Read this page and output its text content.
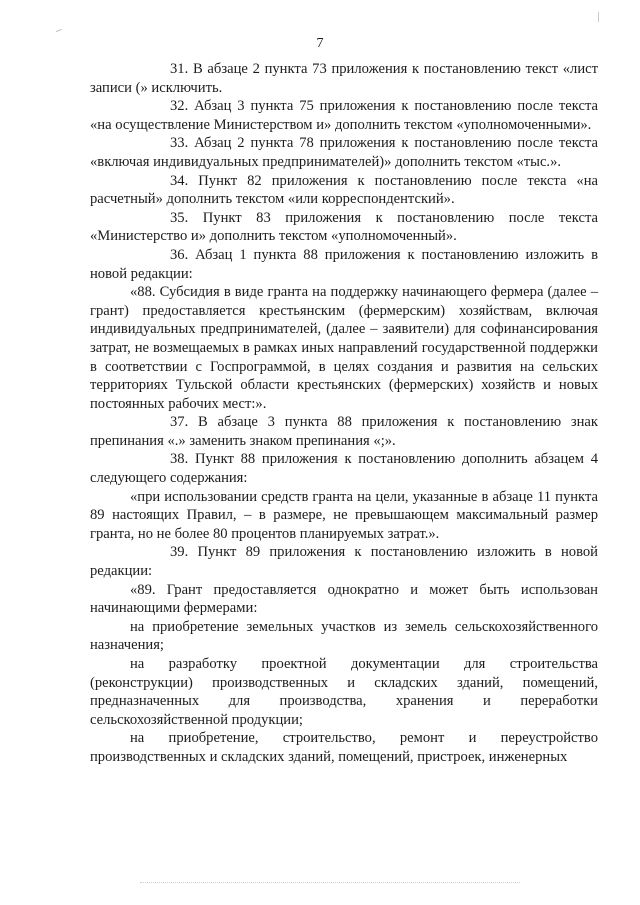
7

31. В абзаце 2 пункта 73 приложения к постановлению текст «лист записи (» исключить.

32. Абзац 3 пункта 75 приложения к постановлению после текста «на осуществление Министерством и» дополнить текстом «уполномоченными».

33. Абзац 2 пункта 78 приложения к постановлению после текста «включая индивидуальных предпринимателей)» дополнить текстом «тыс.».

34. Пункт 82 приложения к постановлению после текста «на расчетный» дополнить текстом «или корреспондентский».

35. Пункт 83 приложения к постановлению после текста «Министерство и» дополнить текстом «уполномоченный».

36. Абзац 1 пункта 88 приложения к постановлению изложить в новой редакции:

«88. Субсидия в виде гранта на поддержку начинающего фермера (далее – грант) предоставляется крестьянским (фермерским) хозяйствам, включая индивидуальных предпринимателей, (далее – заявители) для софинансирования затрат, не возмещаемых в рамках иных направлений государственной поддержки в соответствии с Госпрограммой, в целях создания и развития на сельских территориях Тульской области крестьянских (фермерских) хозяйств и новых постоянных рабочих мест:».

37. В абзаце 3 пункта 88 приложения к постановлению знак препинания «.» заменить знаком препинания «;».

38. Пункт 88 приложения к постановлению дополнить абзацем 4 следующего содержания:

«при использовании средств гранта на цели, указанные в абзаце 11 пункта 89 настоящих Правил, – в размере, не превышающем максимальный размер гранта, но не более 80 процентов планируемых затрат.».

39. Пункт 89 приложения к постановлению изложить в новой редакции:

«89. Грант предоставляется однократно и может быть использован начинающими фермерами:

на приобретение земельных участков из земель сельскохозяйственного назначения;

на разработку проектной документации для строительства (реконструкции) производственных и складских зданий, помещений, предназначенных для производства, хранения и переработки сельскохозяйственной продукции;

на приобретение, строительство, ремонт и переустройство производственных и складских зданий, помещений, пристроек, инженерных
